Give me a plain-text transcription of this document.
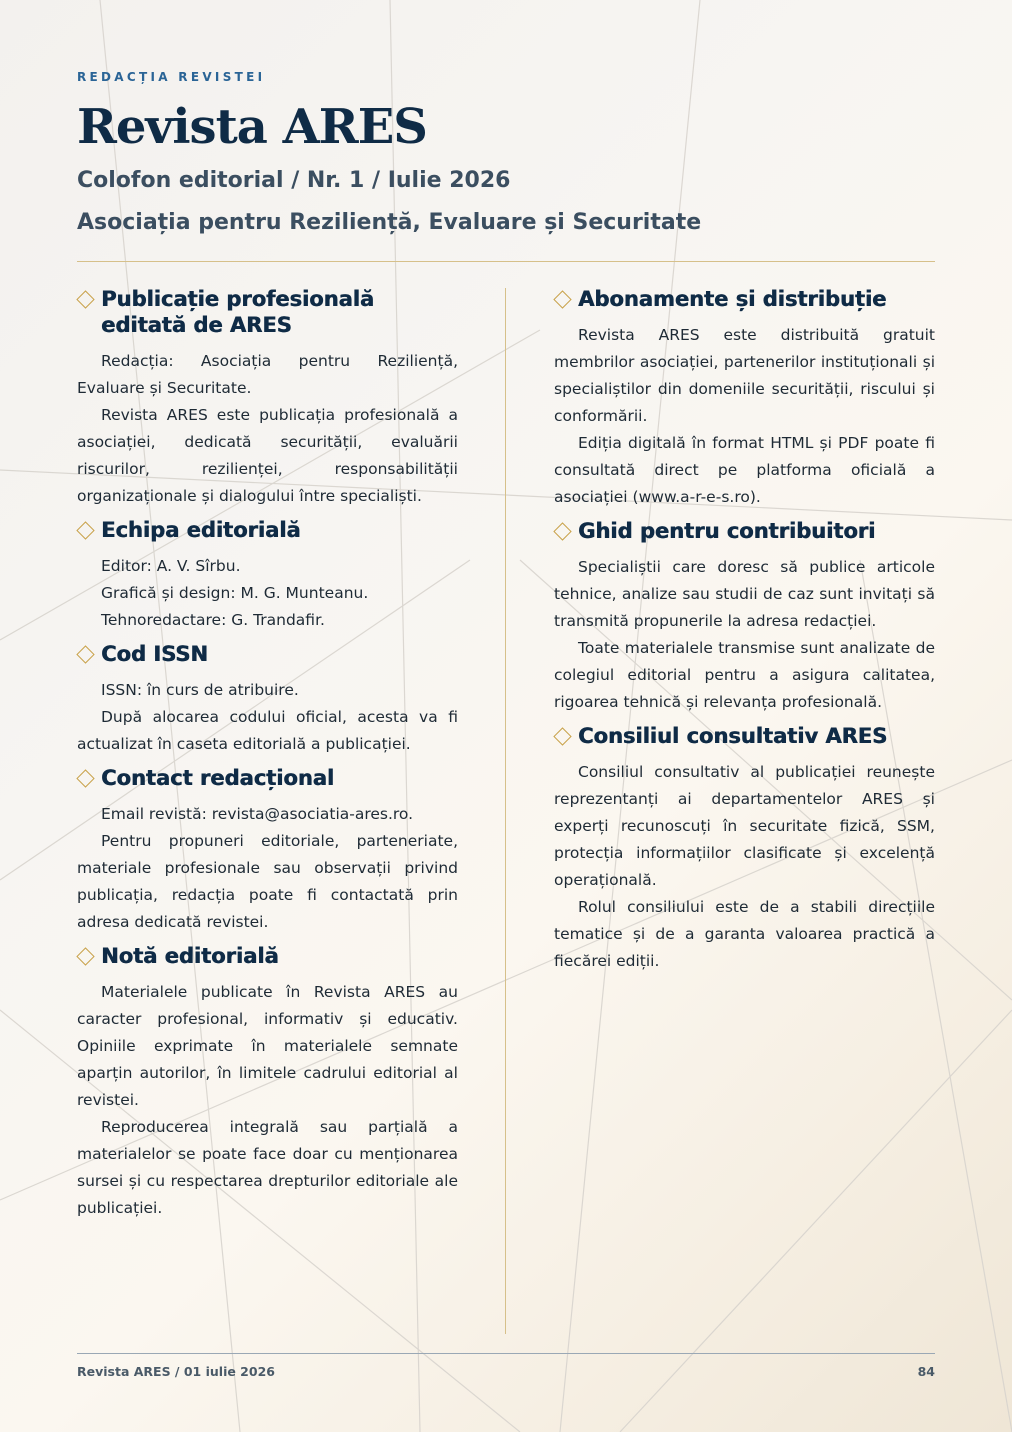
REDACȚIA REVISTEI
Revista ARES
Colofon editorial / Nr. 1 / Iulie 2026
Asociația pentru Reziliență, Evaluare și Securitate
Publicație profesională editată de ARES

Redacția: Asociația pentru Reziliență, Evaluare și Securitate.

Revista ARES este publicația profesională a asociației, dedicată securității, evaluării riscurilor, rezilienței, responsabilității organizaționale și dialogului între specialiști.

Echipa editorială

Editor: A. V. Sîrbu.

Grafică și design: M. G. Munteanu.

Tehnoredactare: G. Trandafir.

Cod ISSN

ISSN: în curs de atribuire.

După alocarea codului oficial, acesta va fi actualizat în caseta editorială a publicației.

Contact redacțional

Email revistă: revista@asociatia-ares.ro.

Pentru propuneri editoriale, parteneriate, materiale profesionale sau observații privind publicația, redacția poate fi contactată prin adresa dedicată revistei.

Notă editorială

Materialele publicate în Revista ARES au caracter profesional, informativ și educativ. Opiniile exprimate în materialele semnate aparțin autorilor, în limitele cadrului editorial al revistei.

Reproducerea integrală sau parțială a materialelor se poate face doar cu menționarea sursei și cu respectarea drepturilor editoriale ale publicației.

Abonamente și distribuție

Revista ARES este distribuită gratuit membrilor asociației, partenerilor instituționali și specialiștilor din domeniile securității, riscului și conformării.

Ediția digitală în format HTML și PDF poate fi consultată direct pe platforma oficială a asociației (www.a-r-e-s.ro).

Ghid pentru contribuitori

Specialiștii care doresc să publice articole tehnice, analize sau studii de caz sunt invitați să transmită propunerile la adresa redacției.

Toate materialele transmise sunt analizate de colegiul editorial pentru a asigura calitatea, rigoarea tehnică și relevanța profesională.

Consiliul consultativ ARES

Consiliul consultativ al publicației reunește reprezentanți ai departamentelor ARES și experți recunoscuți în securitate fizică, SSM, protecția informațiilor clasificate și excelență operațională.

Rolul consiliului este de a stabili direcțiile tematice și de a garanta valoarea practică a fiecărei ediții.

Revista ARES / 01 iulie 2026	84
